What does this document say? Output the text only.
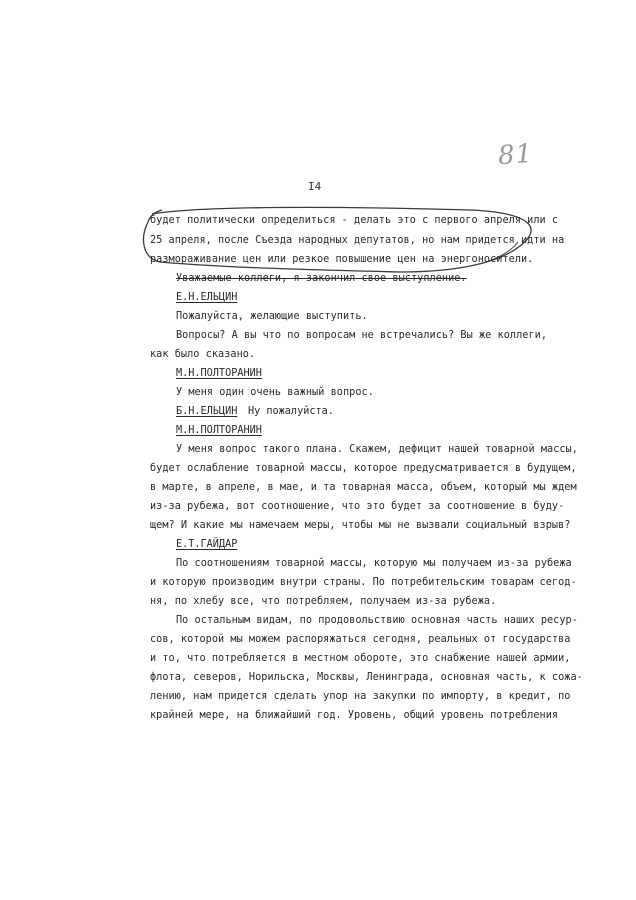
81
I4
будет политически определиться - делать это с первого апреля или с
25 апреля, после Съезда народных депутатов, но нам придется идти на
размораживание цен или резкое повышение цен на энергоносители.
Уважаемые коллеги, я закончил свое выступление.
Е.Н.ЕЛЬЦИН
Пожалуйста, желающие выступить.
Вопросы? А вы что по вопросам не встречались? Вы же коллеги,
как было сказано.
М.Н.ПОЛТОРАНИН
У меня один очень важный вопрос.
Б.Н.ЕЛЬЦИН Ну пожалуйста.
М.Н.ПОЛТОРАНИН
У меня вопрос такого плана. Скажем, дефицит нашей товарной массы,
будет ослабление товарной массы, которое предусматривается в будущем,
в марте, в апреле, в мае, и та товарная масса, объем, который мы ждем
из-за рубежа, вот соотношение, что это будет за соотношение в буду-
щем? И какие мы намечаем меры, чтобы мы не вызвали социальный взрыв?
Е.Т.ГАЙДАР
По соотношениям товарной массы, которую мы получаем из-за рубежа
и которую производим внутри страны. По потребительским товарам сегод-
ня, по хлебу все, что потребляем, получаем из-за рубежа.
По остальным видам, по продовольствию основная часть наших ресур-
сов, которой мы можем распоряжаться сегодня, реальных от государства
и то, что потребляется в местном обороте, это снабжение нашей армии,
флота, северов, Норильска, Москвы, Ленинграда, основная часть, к сожа-
лению, нам придется сделать упор на закупки по импорту, в кредит, по
крайней мере, на ближайший год. Уровень, общий уровень потребления
